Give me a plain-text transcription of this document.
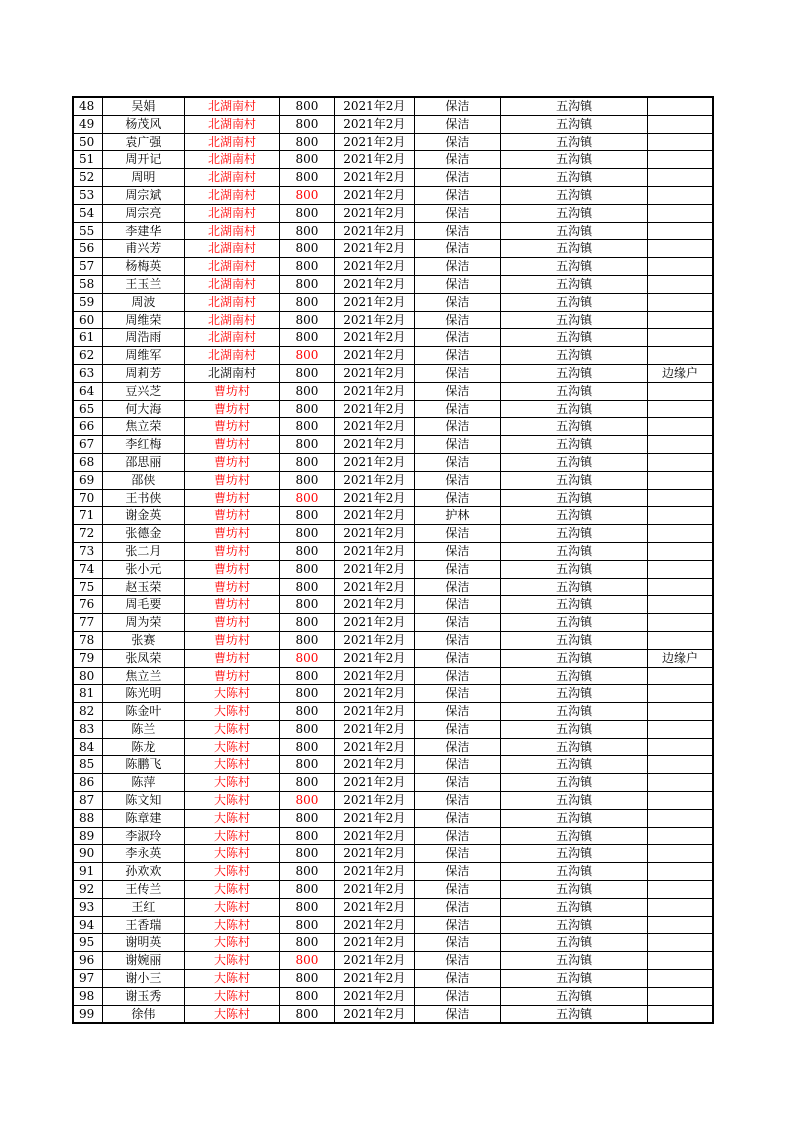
48	吴娟	北湖南村	800	2021年2月	保洁	五沟镇	
49	杨茂风	北湖南村	800	2021年2月	保洁	五沟镇	
50	袁广强	北湖南村	800	2021年2月	保洁	五沟镇	
51	周开记	北湖南村	800	2021年2月	保洁	五沟镇	
52	周明	北湖南村	800	2021年2月	保洁	五沟镇	
53	周宗斌	北湖南村	800	2021年2月	保洁	五沟镇	
54	周宗亮	北湖南村	800	2021年2月	保洁	五沟镇	
55	李建华	北湖南村	800	2021年2月	保洁	五沟镇	
56	甫兴芳	北湖南村	800	2021年2月	保洁	五沟镇	
57	杨梅英	北湖南村	800	2021年2月	保洁	五沟镇	
58	王玉兰	北湖南村	800	2021年2月	保洁	五沟镇	
59	周波	北湖南村	800	2021年2月	保洁	五沟镇	
60	周维荣	北湖南村	800	2021年2月	保洁	五沟镇	
61	周浩雨	北湖南村	800	2021年2月	保洁	五沟镇	
62	周维军	北湖南村	800	2021年2月	保洁	五沟镇	
63	周莉芳	北湖南村	800	2021年2月	保洁	五沟镇	边缘户
64	豆兴芝	曹坊村	800	2021年2月	保洁	五沟镇	
65	何大海	曹坊村	800	2021年2月	保洁	五沟镇	
66	焦立荣	曹坊村	800	2021年2月	保洁	五沟镇	
67	李红梅	曹坊村	800	2021年2月	保洁	五沟镇	
68	邵思丽	曹坊村	800	2021年2月	保洁	五沟镇	
69	邵侠	曹坊村	800	2021年2月	保洁	五沟镇	
70	王书侠	曹坊村	800	2021年2月	保洁	五沟镇	
71	谢金英	曹坊村	800	2021年2月	护林	五沟镇	
72	张德金	曹坊村	800	2021年2月	保洁	五沟镇	
73	张二月	曹坊村	800	2021年2月	保洁	五沟镇	
74	张小元	曹坊村	800	2021年2月	保洁	五沟镇	
75	赵玉荣	曹坊村	800	2021年2月	保洁	五沟镇	
76	周毛要	曹坊村	800	2021年2月	保洁	五沟镇	
77	周为荣	曹坊村	800	2021年2月	保洁	五沟镇	
78	张赛	曹坊村	800	2021年2月	保洁	五沟镇	
79	张凤荣	曹坊村	800	2021年2月	保洁	五沟镇	边缘户
80	焦立兰	曹坊村	800	2021年2月	保洁	五沟镇	
81	陈光明	大陈村	800	2021年2月	保洁	五沟镇	
82	陈金叶	大陈村	800	2021年2月	保洁	五沟镇	
83	陈兰	大陈村	800	2021年2月	保洁	五沟镇	
84	陈龙	大陈村	800	2021年2月	保洁	五沟镇	
85	陈鹏飞	大陈村	800	2021年2月	保洁	五沟镇	
86	陈萍	大陈村	800	2021年2月	保洁	五沟镇	
87	陈文知	大陈村	800	2021年2月	保洁	五沟镇	
88	陈章建	大陈村	800	2021年2月	保洁	五沟镇	
89	李淑玲	大陈村	800	2021年2月	保洁	五沟镇	
90	李永英	大陈村	800	2021年2月	保洁	五沟镇	
91	孙欢欢	大陈村	800	2021年2月	保洁	五沟镇	
92	王传兰	大陈村	800	2021年2月	保洁	五沟镇	
93	王红	大陈村	800	2021年2月	保洁	五沟镇	
94	王香瑞	大陈村	800	2021年2月	保洁	五沟镇	
95	谢明英	大陈村	800	2021年2月	保洁	五沟镇	
96	谢婉丽	大陈村	800	2021年2月	保洁	五沟镇	
97	谢小三	大陈村	800	2021年2月	保洁	五沟镇	
98	谢玉秀	大陈村	800	2021年2月	保洁	五沟镇	
99	徐伟	大陈村	800	2021年2月	保洁	五沟镇	
